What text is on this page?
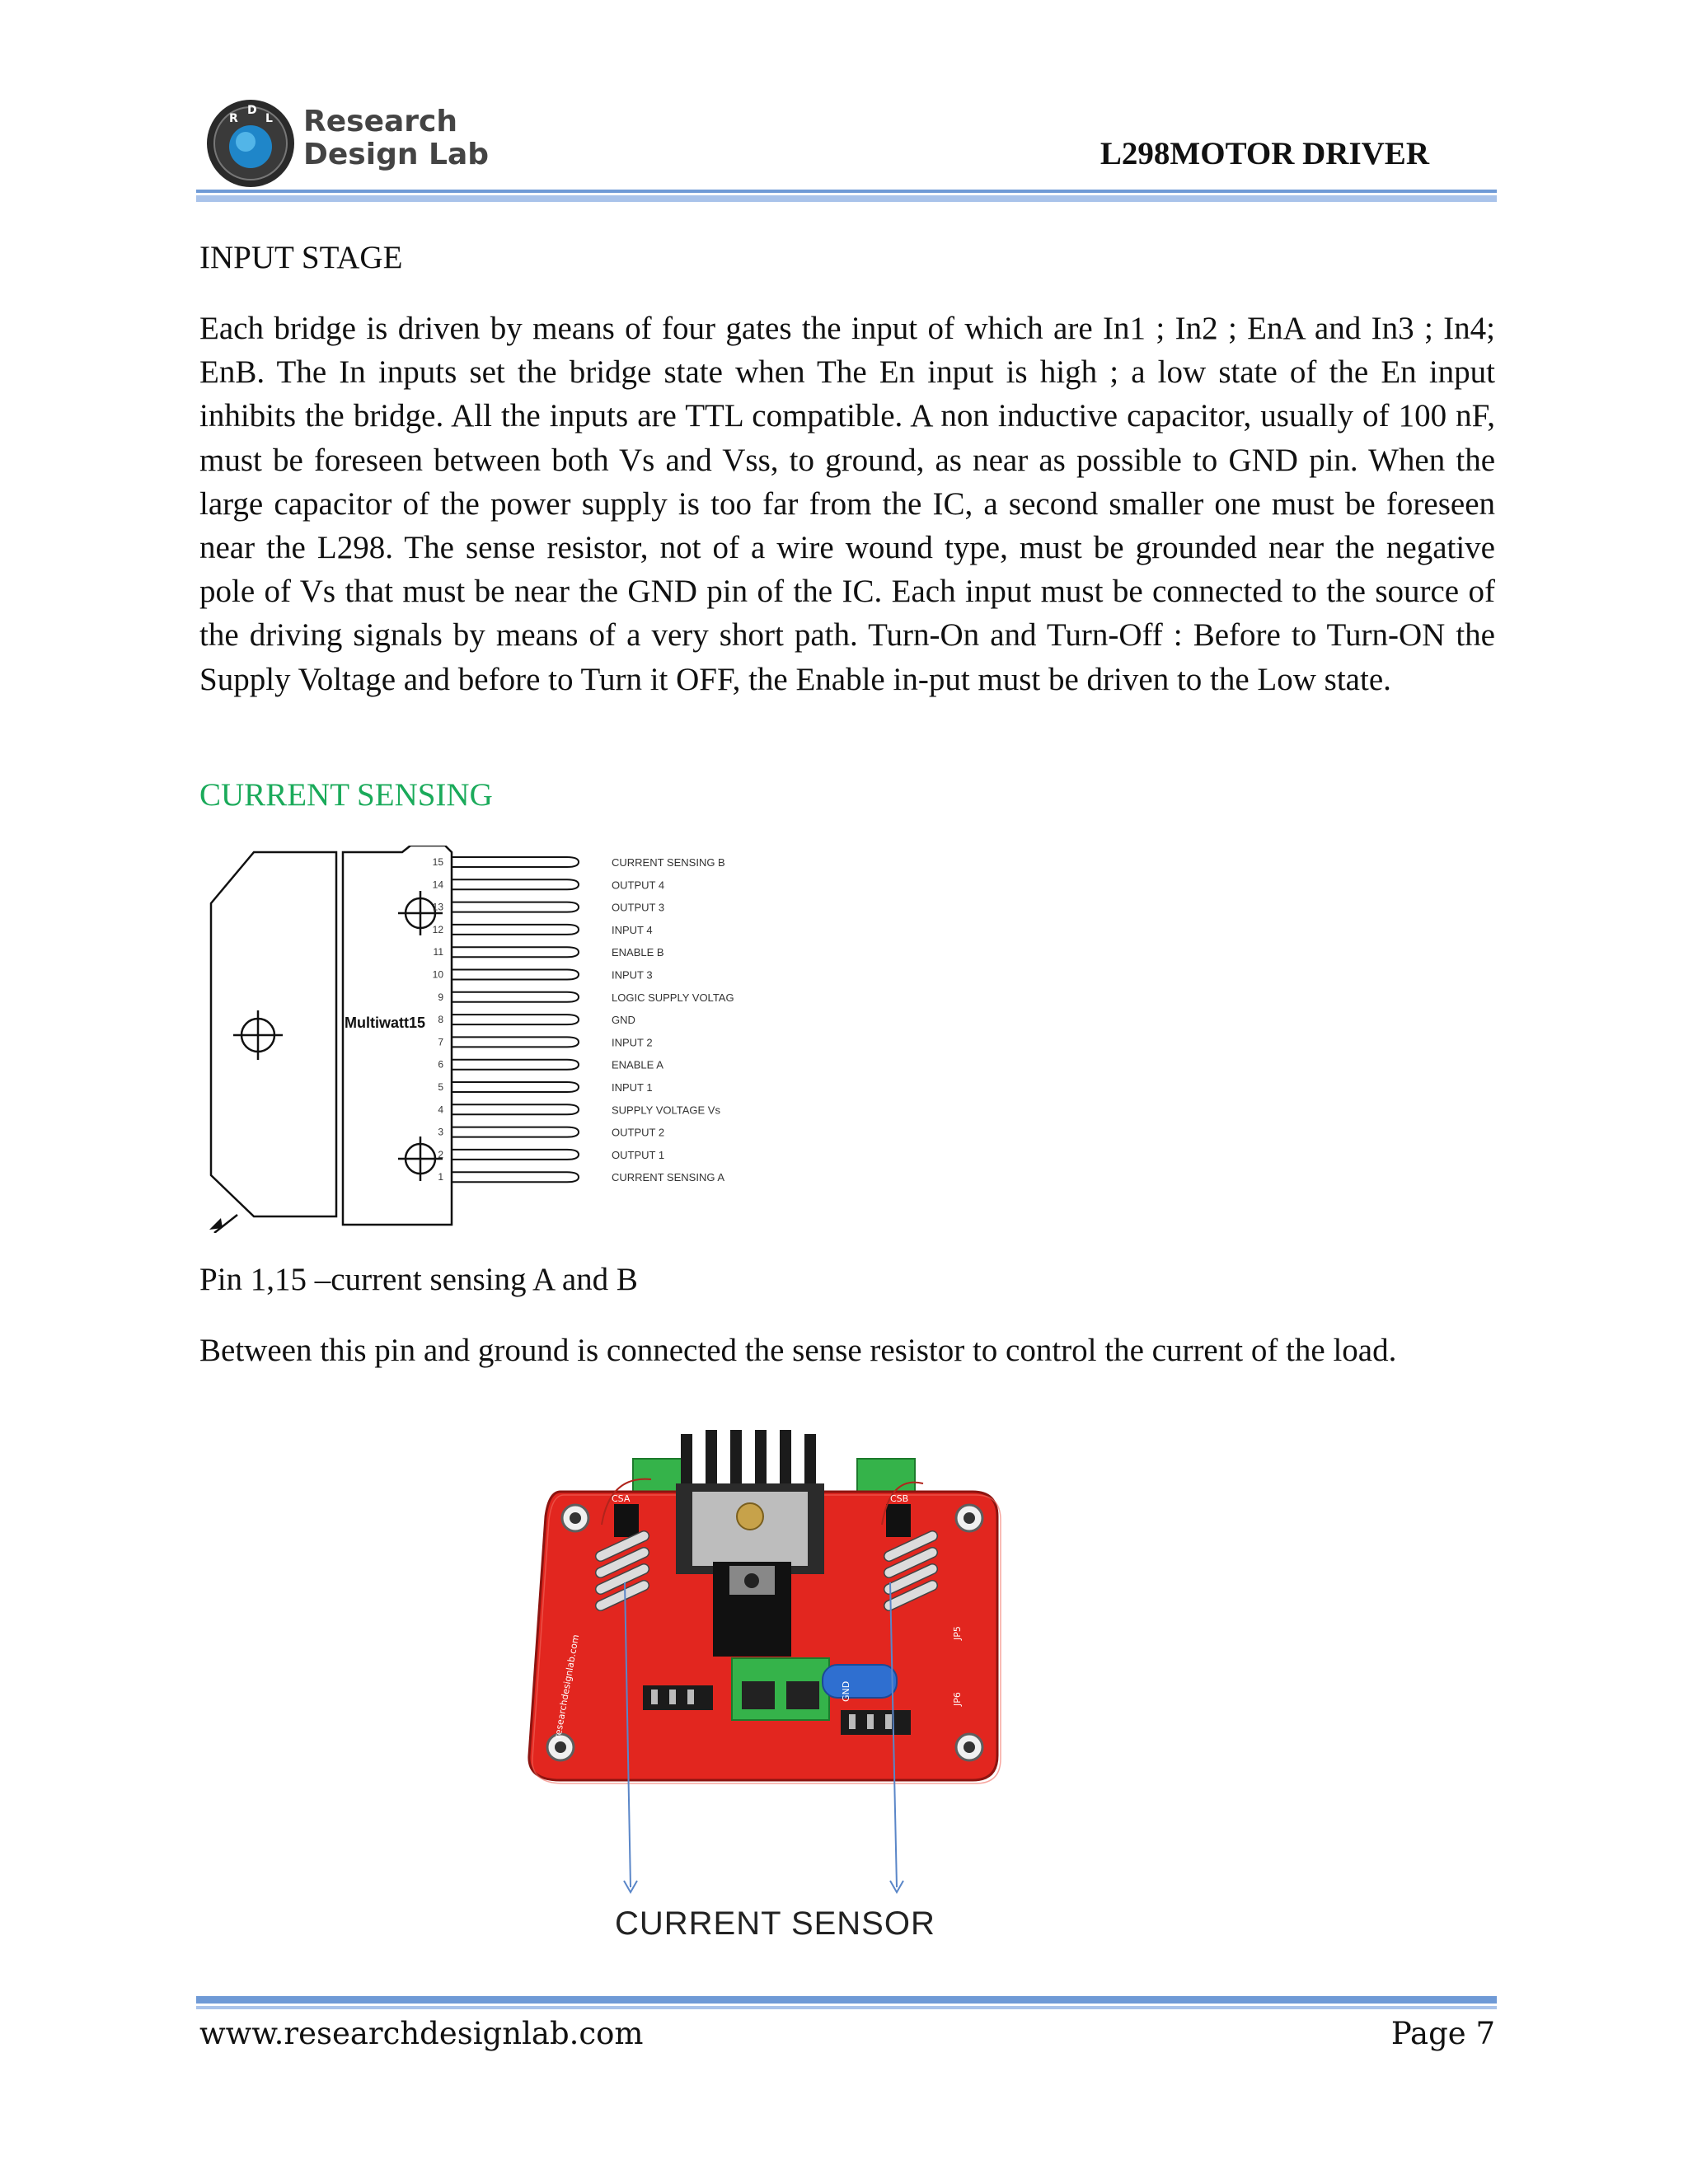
R
D
L Research
Design Lab	L298MOTOR DRIVER
INPUT STAGE

Each bridge is driven by means of four gates the input of which are In1 ; In2 ; EnA and In3 ; In4; EnB. The In inputs set the bridge state when The En input is high ; a low state of the En input inhibits the bridge. All the inputs are TTL compatible. A non inductive capacitor, usually of 100 nF, must be foreseen between both Vs and Vss, to ground, as near as possible to GND pin. When the large capacitor of the power supply is too far from the IC, a second smaller one must be foreseen near the L298. The sense resistor, not of a wire wound type, must be grounded near the negative pole of Vs that must be near the GND pin of the IC. Each input must be connected to the source of the driving signals by means of a very short path. Turn-On and Turn-Off : Before to Turn-ON the Supply Voltage and before to Turn it OFF, the Enable in-put must be driven to the Low state.

CURRENT SENSING
Multiwatt15
15	CURRENT SENSING B
14	OUTPUT 4
13	OUTPUT 3
12	INPUT 4
11	ENABLE B
10	INPUT 3
9	LOGIC SUPPLY VOLTAG
8	GND
7	INPUT 2
6	ENABLE A
5	INPUT 1
4	SUPPLY VOLTAGE Vs
3	OUTPUT 2
2	OUTPUT 1
1	CURRENT SENSING A
Pin 1,15 –current sensing A and B
Between this pin and ground is connected the sense resistor to control the current of the load.
CSA	CSB
researchdesignlab.com	GND
JP5
JP6
CURRENT SENSOR
www.researchdesignlab.com	Page 7
